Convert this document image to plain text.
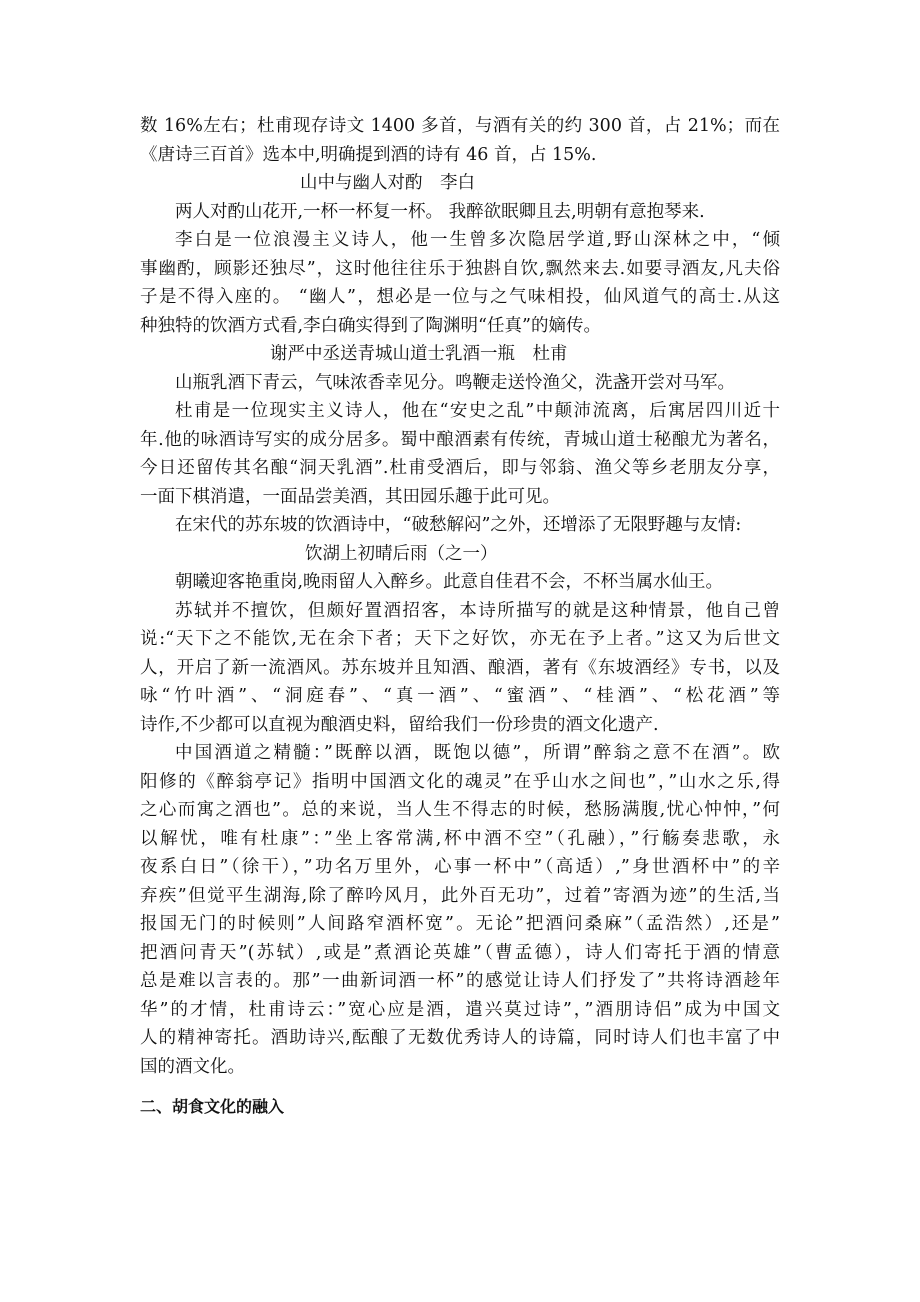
数 16%左右；杜甫现存诗文 1400 多首，与酒有关的约 300 首，占 21%；而在
《唐诗三百首》选本中,明确提到酒的诗有 46 首，占 15%.
山中与幽人对酌　李白
两人对酌山花开,一杯一杯复一杯。 我醉欲眠卿且去,明朝有意抱琴来.
李白是一位浪漫主义诗人，他一生曾多次隐居学道,野山深林之中，“倾
事幽酌，顾影还独尽”，这时他往往乐于独斟自饮,飘然来去.如要寻酒友,凡夫俗
子是不得入座的。 “幽人”，想必是一位与之气味相投，仙风道气的高士.从这
种独特的饮酒方式看,李白确实得到了陶渊明“任真”的嫡传。
谢严中丞送青城山道士乳酒一瓶　杜甫
山瓶乳酒下青云，气味浓香幸见分。鸣鞭走送怜渔父，洗盏开尝对马军。
杜甫是一位现实主义诗人，他在“安史之乱”中颠沛流离，后寓居四川近十
年.他的咏酒诗写实的成分居多。蜀中酿酒素有传统，青城山道士秘酿尤为著名，
今日还留传其名酿“洞天乳酒”.杜甫受酒后，即与邻翁、渔父等乡老朋友分享，
一面下棋消遣，一面品尝美酒，其田园乐趣于此可见。
在宋代的苏东坡的饮酒诗中，“破愁解闷”之外，还增添了无限野趣与友情:
饮湖上初晴后雨（之一）
朝曦迎客艳重岗,晚雨留人入醉乡。此意自佳君不会，不杯当属水仙王。
苏轼并不擅饮，但颇好置酒招客，本诗所描写的就是这种情景，他自己曾
说:“天下之不能饮,无在余下者；天下之好饮，亦无在予上者。”这又为后世文
人，开启了新一流酒风。苏东坡并且知酒、酿酒，著有《东坡酒经》专书，以及
咏“竹叶酒”、“洞庭春”、“真一酒”、“蜜酒”、“桂酒”、“松花酒”等
诗作,不少都可以直视为酿酒史料，留给我们一份珍贵的酒文化遗产.
中国酒道之精髓：”既醉以酒，既饱以德”，所谓”醉翁之意不在酒”。欧
阳修的《醉翁亭记》指明中国酒文化的魂灵”在乎山水之间也”，”山水之乐,得
之心而寓之酒也”。总的来说，当人生不得志的时候，愁肠满腹,忧心忡忡，”何
以解忧，唯有杜康”：”坐上客常满,杯中酒不空”（孔融），”行觞奏悲歌，永
夜系白日”（徐干），”功名万里外，心事一杯中”（高适）,”身世酒杯中”的辛
弃疾”但觉平生湖海,除了醉吟风月，此外百无功”，过着”寄酒为迹”的生活,当
报国无门的时候则”人间路窄酒杯宽”。无论”把酒问桑麻”（孟浩然）,还是”
把酒问青天”(苏轼）,或是”煮酒论英雄”（曹孟德），诗人们寄托于酒的情意
总是难以言表的。那”一曲新词酒一杯”的感觉让诗人们抒发了”共将诗酒趁年
华”的才情，杜甫诗云：”宽心应是酒，遣兴莫过诗”，”酒朋诗侣”成为中国文
人的精神寄托。酒助诗兴,酝酿了无数优秀诗人的诗篇，同时诗人们也丰富了中
国的酒文化。
二、胡食文化的融入
